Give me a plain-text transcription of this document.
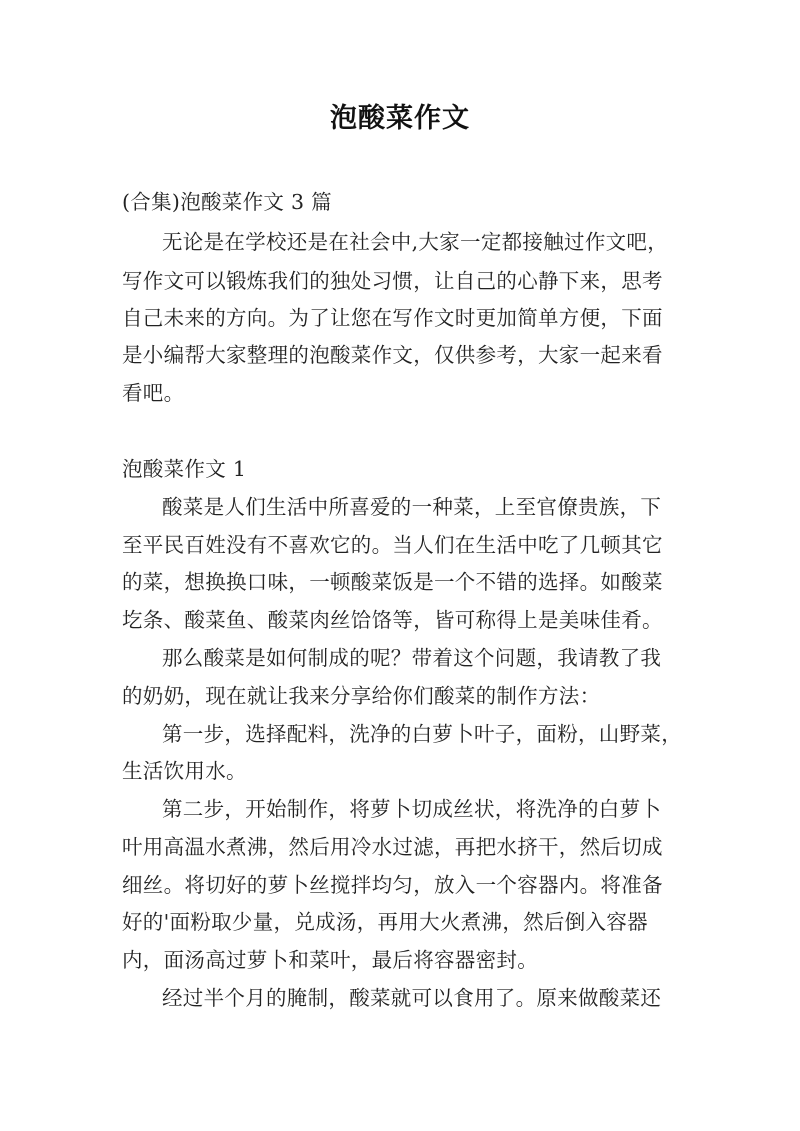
泡酸菜作文
(合集)泡酸菜作文 3 篇
无论是在学校还是在社会中,大家一定都接触过作文吧，
写作文可以锻炼我们的独处习惯，让自己的心静下来，思考
自己未来的方向。为了让您在写作文时更加简单方便，下面
是小编帮大家整理的泡酸菜作文，仅供参考，大家一起来看
看吧。
泡酸菜作文 1
酸菜是人们生活中所喜爱的一种菜，上至官僚贵族，下
至平民百姓没有不喜欢它的。当人们在生活中吃了几顿其它
的菜，想换换口味，一顿酸菜饭是一个不错的选择。如酸菜
圪条、酸菜鱼、酸菜肉丝饸饹等，皆可称得上是美味佳肴。
那么酸菜是如何制成的呢？带着这个问题，我请教了我
的奶奶，现在就让我来分享给你们酸菜的制作方法：
第一步，选择配料，洗净的白萝卜叶子，面粉，山野菜，
生活饮用水。
第二步，开始制作，将萝卜切成丝状，将洗净的白萝卜
叶用高温水煮沸，然后用冷水过滤，再把水挤干，然后切成
细丝。将切好的萝卜丝搅拌均匀，放入一个容器内。将准备
好的'面粉取少量，兑成汤，再用大火煮沸，然后倒入容器
内，面汤高过萝卜和菜叶，最后将容器密封。
经过半个月的腌制，酸菜就可以食用了。原来做酸菜还
